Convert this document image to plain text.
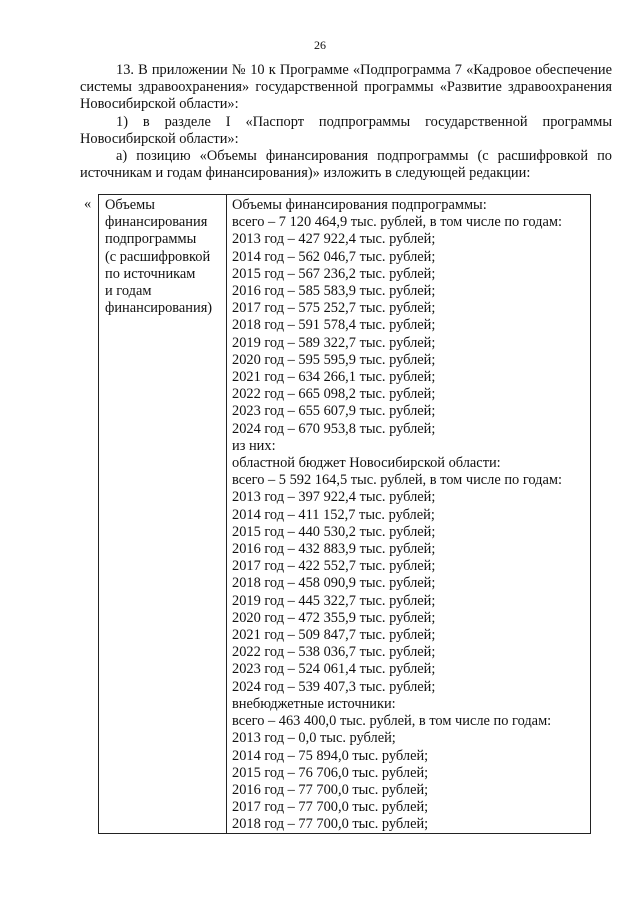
26

13. В приложении № 10 к Программе «Подпрограмма 7 «Кадровое обеспечение системы здравоохранения» государственной программы «Развитие здравоохранения Новосибирской области»:

1) в разделе I «Паспорт подпрограммы государственной программы Новосибирской области»:

а) позицию «Объемы финансирования подпрограммы (с расшифровкой по источникам и годам финансирования)» изложить в следующей редакции:

« Объемы
финансирования
подпрограммы
(с расшифровкой
по источникам
и годам
финансирования)
Объемы финансирования подпрограммы:
всего – 7 120 464,9 тыс. рублей, в том числе по годам:
2013 год – 427 922,4 тыс. рублей;
2014 год – 562 046,7 тыс. рублей;
2015 год – 567 236,2 тыс. рублей;
2016 год – 585 583,9 тыс. рублей;
2017 год – 575 252,7 тыс. рублей;
2018 год – 591 578,4 тыс. рублей;
2019 год – 589 322,7 тыс. рублей;
2020 год – 595 595,9 тыс. рублей;
2021 год – 634 266,1 тыс. рублей;
2022 год – 665 098,2 тыс. рублей;
2023 год – 655 607,9 тыс. рублей;
2024 год – 670 953,8 тыс. рублей;
из них:
областной бюджет Новосибирской области:
всего – 5 592 164,5 тыс. рублей, в том числе по годам:
2013 год – 397 922,4 тыс. рублей;
2014 год – 411 152,7 тыс. рублей;
2015 год – 440 530,2 тыс. рублей;
2016 год – 432 883,9 тыс. рублей;
2017 год – 422 552,7 тыс. рублей;
2018 год – 458 090,9 тыс. рублей;
2019 год – 445 322,7 тыс. рублей;
2020 год – 472 355,9 тыс. рублей;
2021 год – 509 847,7 тыс. рублей;
2022 год – 538 036,7 тыс. рублей;
2023 год – 524 061,4 тыс. рублей;
2024 год – 539 407,3 тыс. рублей;
внебюджетные источники:
всего – 463 400,0 тыс. рублей, в том числе по годам:
2013 год – 0,0 тыс. рублей;
2014 год – 75 894,0 тыс. рублей;
2015 год – 76 706,0 тыс. рублей;
2016 год – 77 700,0 тыс. рублей;
2017 год – 77 700,0 тыс. рублей;
2018 год – 77 700,0 тыс. рублей;
